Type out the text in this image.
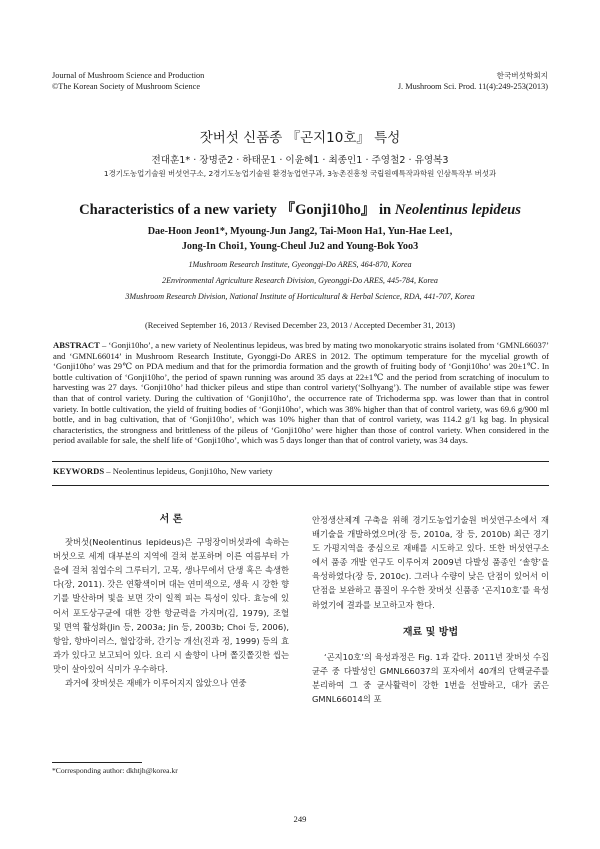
Journal of Mushroom Science and Production
©The Korean Society of Mushroom Science
한국버섯학회지
J. Mushroom Sci. Prod. 11(4):249-253(2013)
잣버섯 신품종 『곤지10호』 특성
전대훈1* · 장명준2 · 하태문1 · 이윤혜1 · 최종인1 · 주영철2 · 유영복3
1경기도농업기술원 버섯연구소, 2경기도농업기술원 환경농업연구과, 3농촌진흥청 국립원예특작과학원 인삼특작부 버섯과
Characteristics of a new variety 『Gonji10ho』 in Neolentinus lepideus
Dae-Hoon Jeon1*, Myoung-Jun Jang2, Tai-Moon Ha1, Yun-Hae Lee1,
Jong-In Choi1, Young-Cheul Ju2 and Young-Bok Yoo3
1Mushroom Research Institute, Gyeonggi-Do ARES, 464-870, Korea
2Environmental Agriculture Research Division, Gyeonggi-Do ARES, 445-784, Korea
3Mushroom Research Division, National Institute of Horticultural & Herbal Science, RDA, 441-707, Korea
(Received September 16, 2013 / Revised December 23, 2013 / Accepted December 31, 2013)
ABSTRACT – ‘Gonji10ho’, a new variety of Neolentinus lepideus, was bred by mating two monokaryotic strains isolated from ‘GMNL66037’ and ‘GMNL66014’ in Mushroom Research Institute, Gyonggi-Do ARES in 2012. The optimum temperature for the mycelial growth of ‘Gonji10ho’ was 29℃ on PDA medium and that for the primordia formation and the growth of fruiting body of ‘Gonji10ho’ was 20±1℃. In bottle cultivation of ‘Gonji10ho’, the period of spawn running was around 35 days at 22±1℃ and the period from scratching of inoculum to harvesting was 27 days. ‘Gonji10ho’ had thicker pileus and stipe than control variety(‘Solhyang’). The number of available stipe was fewer than that of control variety. During the cultivation of ‘Gonji10ho’, the occurrence rate of Trichoderma spp. was lower than that in control variety. In bottle cultivation, the yield of fruiting bodies of ‘Gonji10ho’, which was 38% higher than that of control variety, was 69.6 g/900 ml bottle, and in bag cultivation, that of ‘Gonji10ho’, which was 10% higher than that of control variety, was 114.2 g/1 kg bag. In physical characteristics, the strongness and brittleness of the pileus of ‘Gonji10ho’ were higher than those of control variety. When considered in the period available for sale, the shelf life of ‘Gonji10ho’, which was 5 days longer than that of control variety, was 34 days.
KEYWORDS – Neolentinus lepideus, Gonji10ho, New variety
서 론

잣버섯(Neolentinus lepideus)은 구멍장이버섯과에 속하는 버섯으로 세계 대부분의 지역에 걸쳐 분포하며 이른 여름부터 가을에 걸쳐 침엽수의 그루터기, 고목, 생나무에서 단생 혹은 속생한다(장, 2011). 갓은 연황색이며 대는 연미색으로, 생육 시 강한 향기를 발산하며 빛을 보면 갓이 일찍 피는 특성이 있다. 효능에 있어서 포도상구균에 대한 강한 항균력을 가지며(김, 1979), 조혈 및 면역 활성화(Jin 등, 2003a; Jin 등, 2003b; Choi 등, 2006), 항암, 항바이러스, 혈압강하, 간기능 개선(진과 정, 1999) 등의 효과가 있다고 보고되어 있다. 요리 시 솔향이 나며 쫄깃쫄깃한 씹는 맛이 살아있어 식미가 우수하다.

과거에 잣버섯은 재배가 이루어지지 않았으나 연중

안정생산체계 구축을 위해 경기도농업기술원 버섯연구소에서 재배기술을 개발하였으며(장 등, 2010a, 장 등, 2010b) 최근 경기도 가평지역을 중심으로 재배를 시도하고 있다. 또한 버섯연구소에서 품종 개발 연구도 이루어져 2009년 다발성 품종인 ‘솔향’을 육성하였다(장 등, 2010c). 그러나 수량이 낮은 단점이 있어서 이 단점을 보완하고 품질이 우수한 잣버섯 신품종 ‘곤지10호’를 육성하였기에 결과를 보고하고자 한다.

재료 및 방법

‘곤지10호’의 육성과정은 Fig. 1과 같다. 2011년 잣버섯 수집균주 중 다발성인 GMNL66037의 포자에서 40개의 단핵균주를 분리하여 그 중 균사활력이 강한 1번을 선발하고, 대가 굵은 GMNL66014의 포

*Corresponding author: dkhtjh@korea.kr
249
